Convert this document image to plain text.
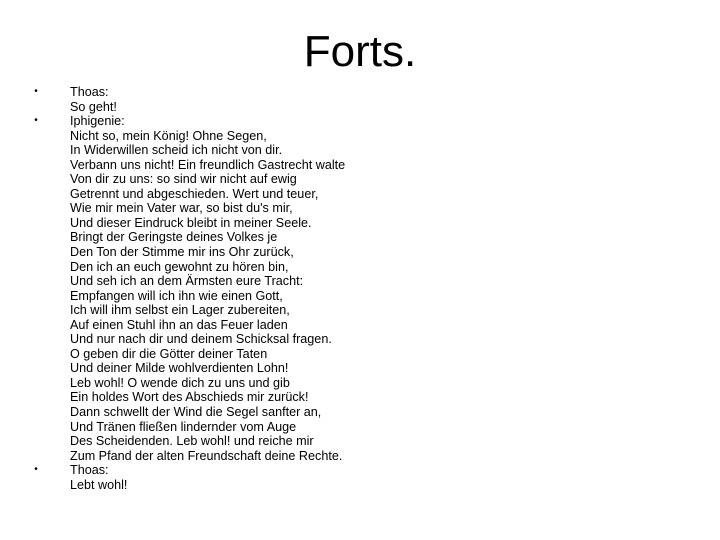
Forts.
•	Thoas:
So geht!
•	Iphigenie:
Nicht so, mein König! Ohne Segen,
In Widerwillen scheid ich nicht von dir.
Verbann uns nicht! Ein freundlich Gastrecht walte
Von dir zu uns: so sind wir nicht auf ewig
Getrennt und abgeschieden. Wert und teuer,
Wie mir mein Vater war, so bist du's mir,
Und dieser Eindruck bleibt in meiner Seele.
Bringt der Geringste deines Volkes je
Den Ton der Stimme mir ins Ohr zurück,
Den ich an euch gewohnt zu hören bin,
Und seh ich an dem Ärmsten eure Tracht:
Empfangen will ich ihn wie einen Gott,
Ich will ihm selbst ein Lager zubereiten,
Auf einen Stuhl ihn an das Feuer laden
Und nur nach dir und deinem Schicksal fragen.
O geben dir die Götter deiner Taten
Und deiner Milde wohlverdienten Lohn!
Leb wohl! O wende dich zu uns und gib
Ein holdes Wort des Abschieds mir zurück!
Dann schwellt der Wind die Segel sanfter an,
Und Tränen fließen lindernder vom Auge
Des Scheidenden. Leb wohl! und reiche mir
Zum Pfand der alten Freundschaft deine Rechte.
•	Thoas:
Lebt wohl!
